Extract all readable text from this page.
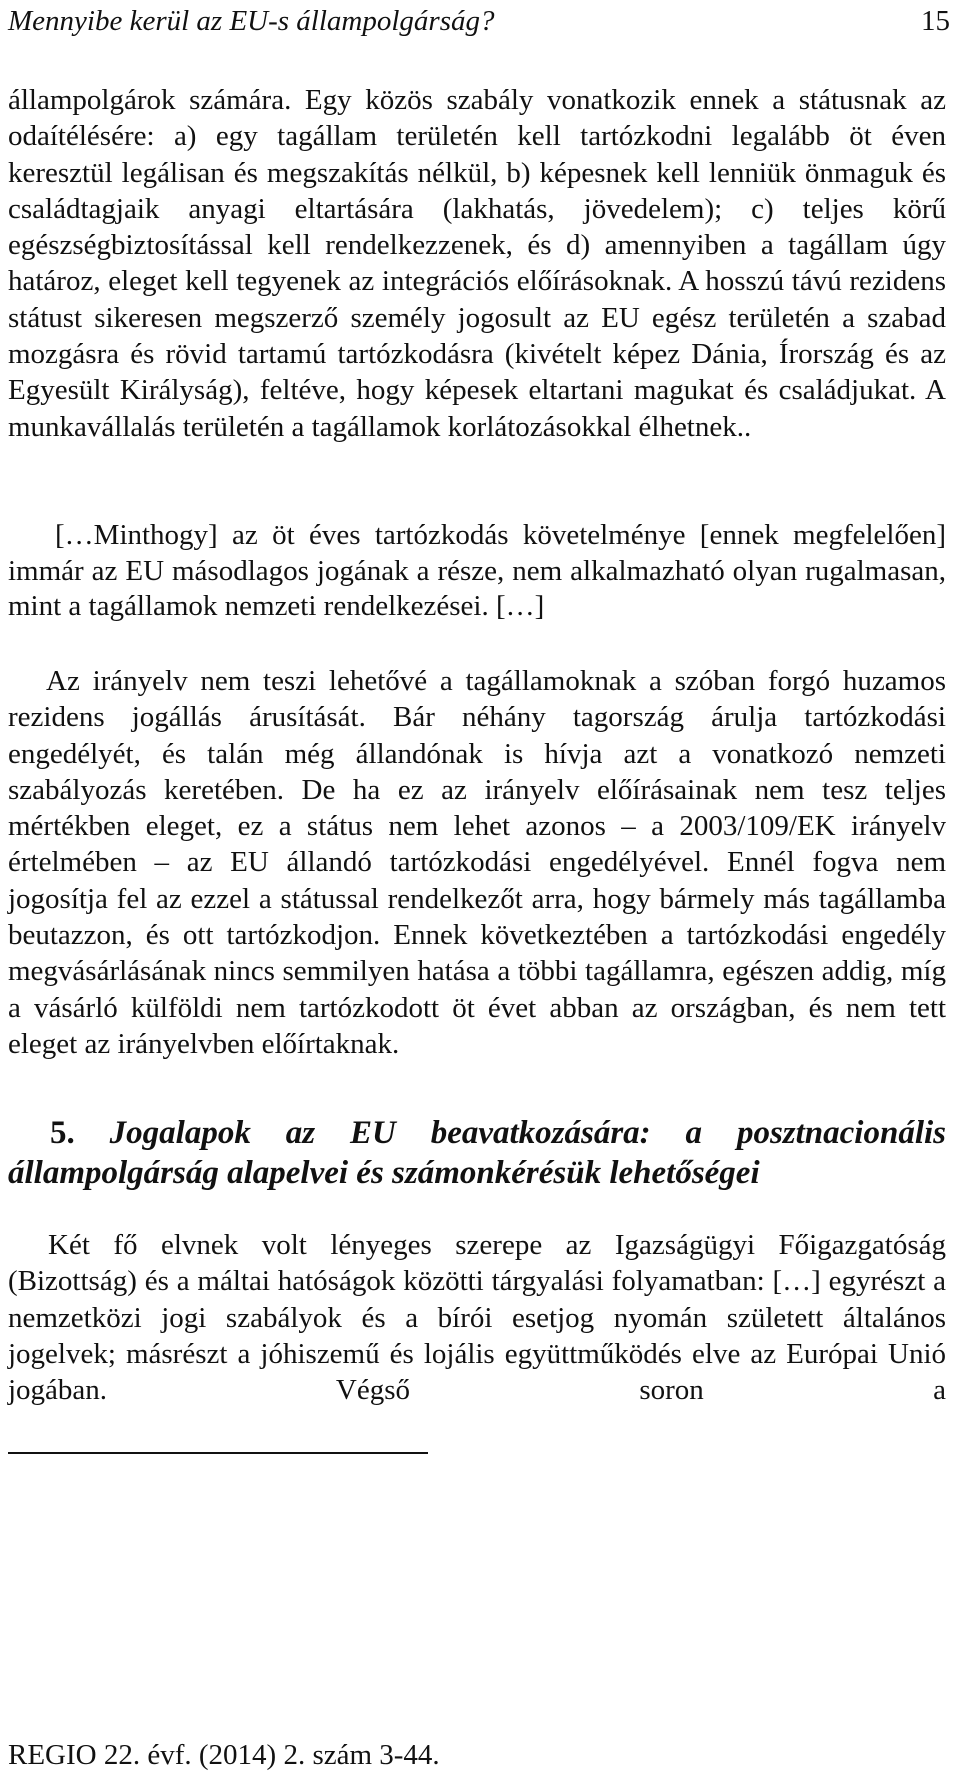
Mennyibe kerül az EU-s állampolgárság?	15

állampolgárok számára. Egy közös szabály vonatkozik ennek a státusnak az odaítélésére: a) egy tagállam területén kell tartózkodni legalább öt éven keresztül legálisan és megszakítás nélkül, b) képesnek kell lenniük önmaguk és családtagjaik anyagi eltartására (lakhatás, jövedelem); c) teljes körű egészségbiztosítással kell rendelkezzenek, és d) amennyiben a tagállam úgy határoz, eleget kell tegyenek az integrációs előírásoknak. A hosszú távú rezidens státust sikeresen megszerző személy jogosult az EU egész területén a szabad mozgásra és rövid tartamú tartózkodásra (kivételt képez Dánia, Írország és az Egyesült Királyság), feltéve, hogy képesek eltartani magukat és családjukat. A munkavállalás területén a tagállamok korlátozásokkal élhetnek..

[…Minthogy] az öt éves tartózkodás követelménye [ennek megfelelően] immár az EU másodlagos jogának a része, nem alkalmazható olyan rugalmasan, mint a tagállamok nemzeti rendelkezései. […]

Az irányelv nem teszi lehetővé a tagállamoknak a szóban forgó huzamos rezidens jogállás árusítását. Bár néhány tagország árulja tartózkodási engedélyét, és talán még állandónak is hívja azt a vonatkozó nemzeti szabályozás keretében. De ha ez az irányelv előírásainak nem tesz teljes mértékben eleget, ez a státus nem lehet azonos – a 2003/109/EK irányelv értelmében – az EU állandó tartózkodási engedélyével. Ennél fogva nem jogosítja fel az ezzel a státussal rendelkezőt arra, hogy bármely más tagállamba beutazzon, és ott tartózkodjon. Ennek következtében a tartózkodási engedély megvásárlásának nincs semmilyen hatása a többi tagállamra, egészen addig, míg a vásárló külföldi nem tartózkodott öt évet abban az országban, és nem tett eleget az irányelvben előírtaknak.

5. Jogalapok az EU beavatkozására: a posztnacionális állampolgárság alapelvei és számonkérésük lehetőségei

Két fő elvnek volt lényeges szerepe az Igazságügyi Főigazgatóság (Bizottság) és a máltai hatóságok közötti tárgyalási folyamatban: […] egyrészt a nemzetközi jogi szabályok és a bírói esetjog nyomán született általános jogelvek; másrészt a jóhiszemű és lojális együttműködés elve az Európai Unió jogában. Végső soron a

REGIO 22. évf. (2014) 2. szám 3-44.
